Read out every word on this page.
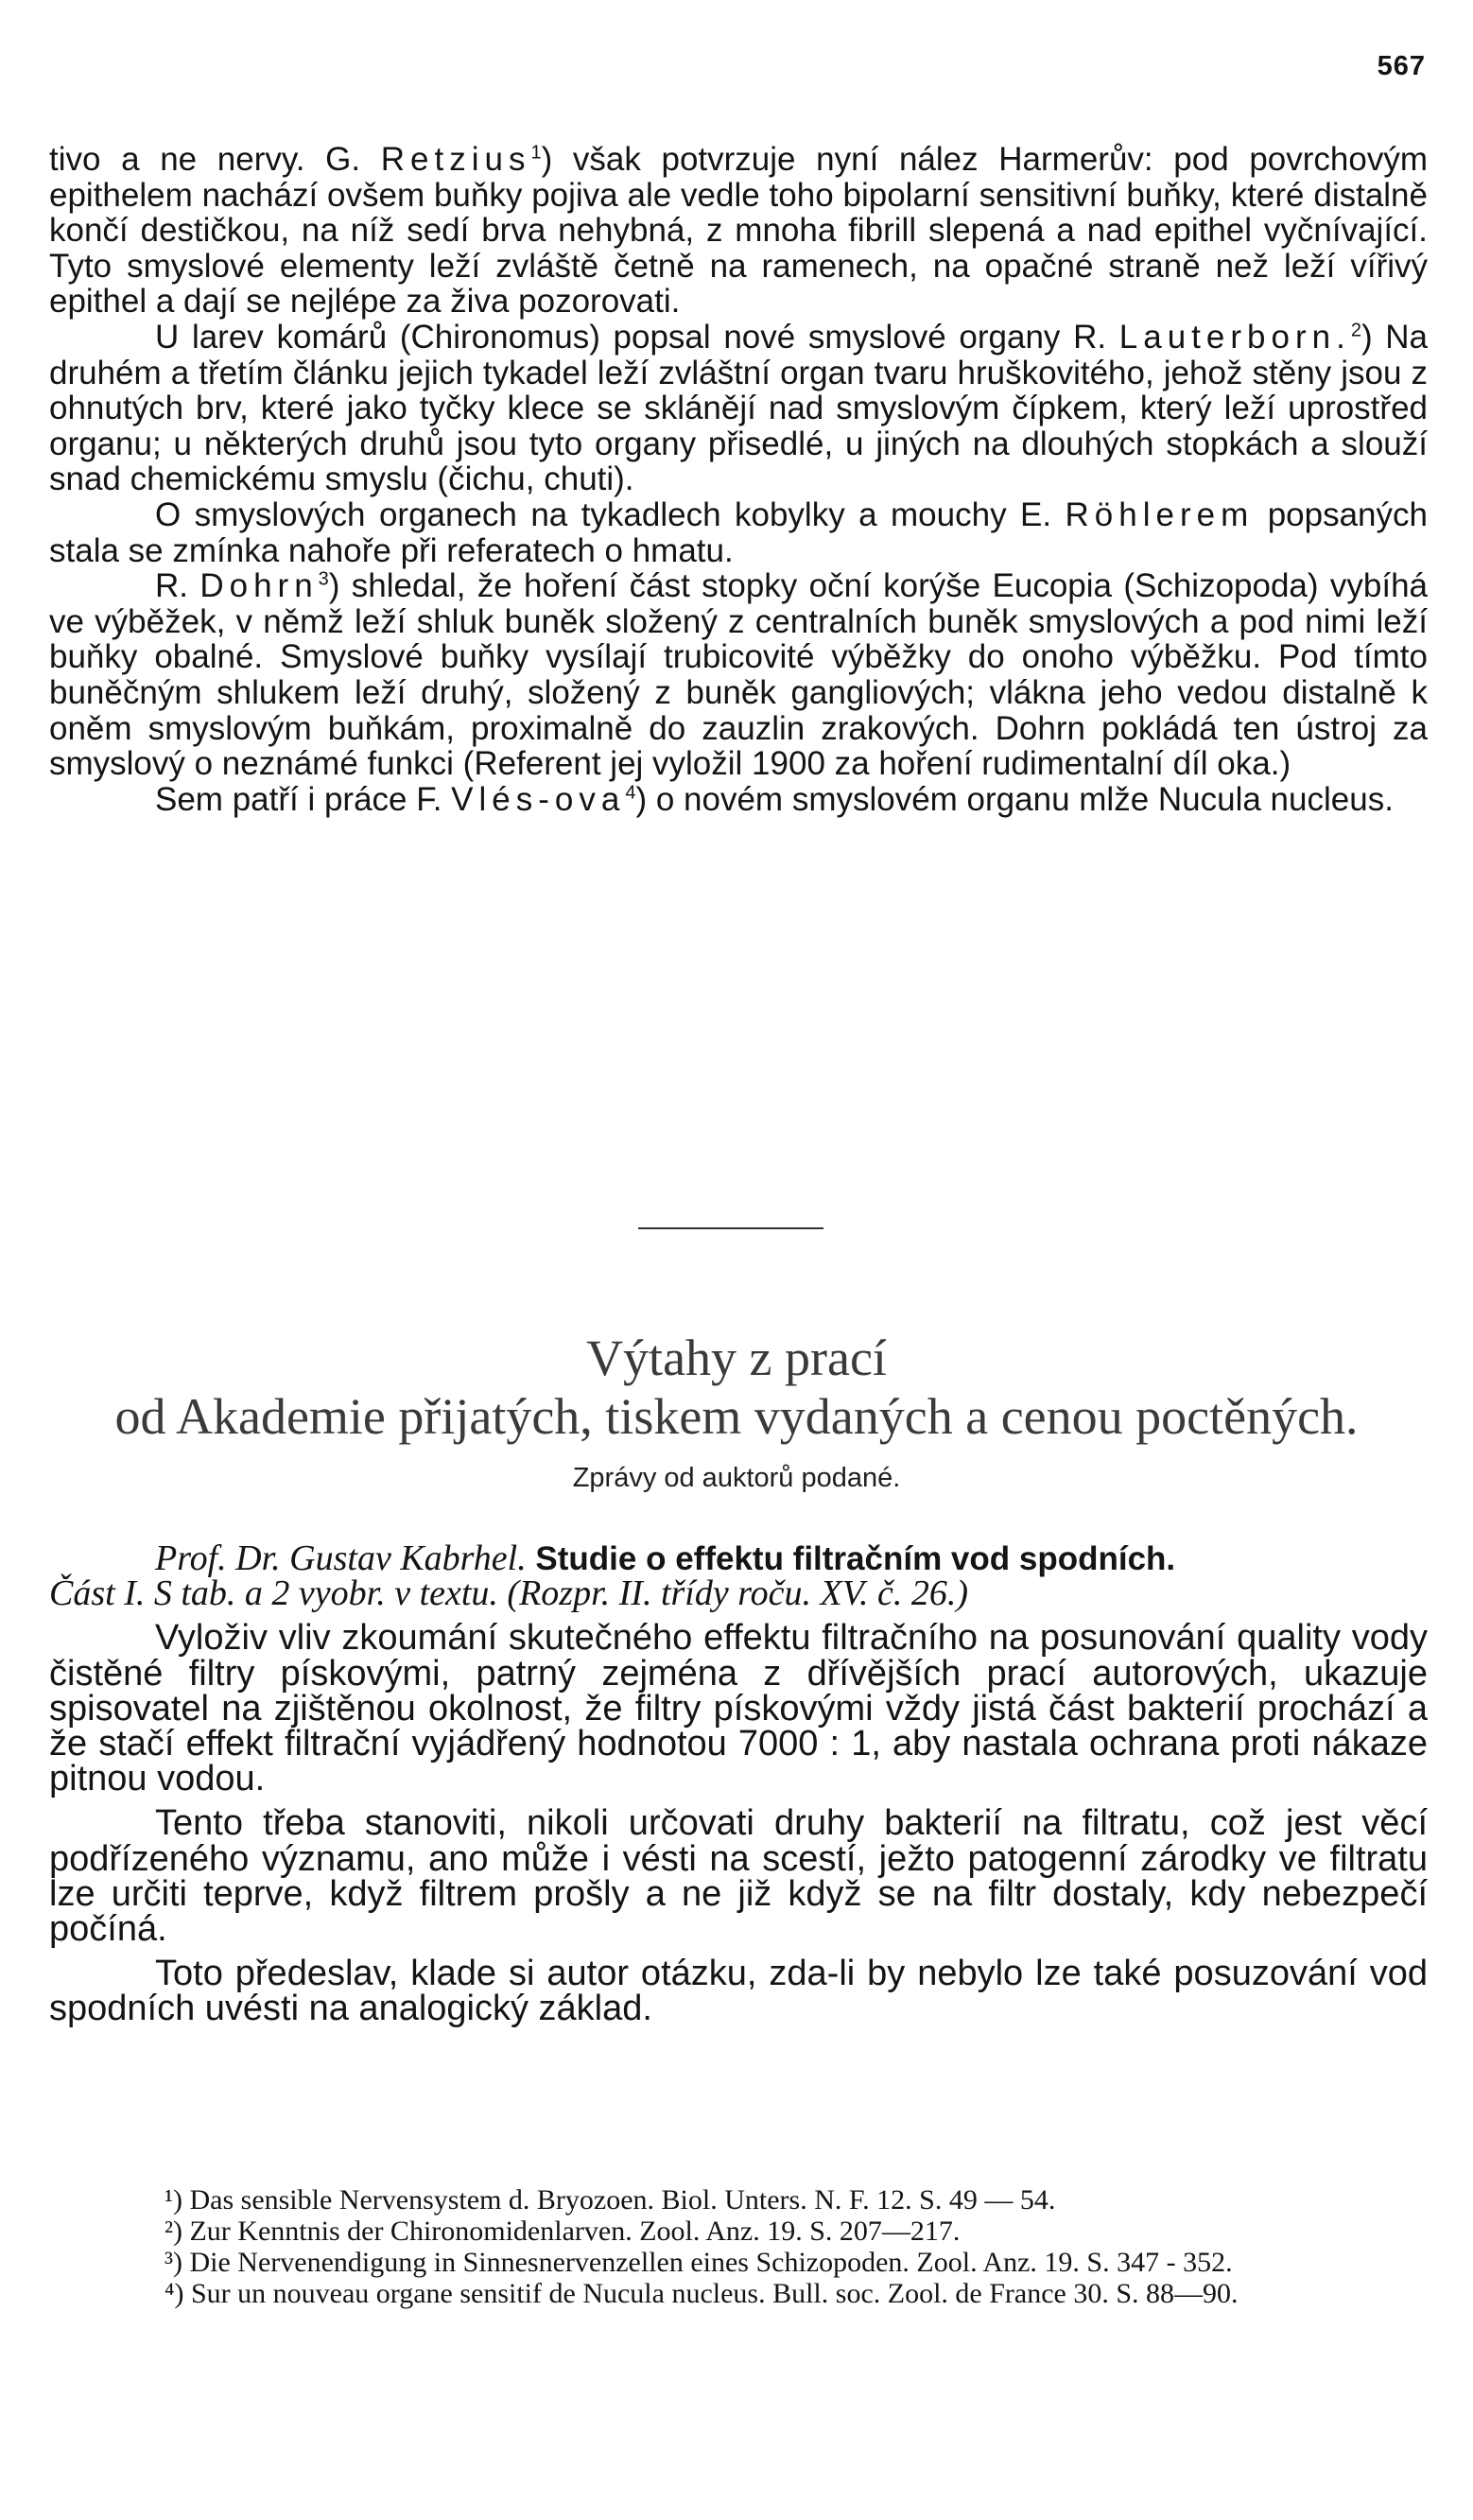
567

tivo a ne nervy. G. Retzius$^1$) však potvrzuje nyní nález Harmerův: pod povrchovým epithelem nachází ovšem buňky pojiva ale vedle toho bipolarní sensitivní buňky, které distalně končí destičkou, na níž sedí brva nehybná, z mnoha fibrill slepená a nad epithel vyčnívající. Tyto smyslové elementy leží zvláště četně na ramenech, na opačné straně než leží vířivý epithel a dají se nejlépe za živa pozorovati.

U larev komárů (Chironomus) popsal nové smyslové organy R. Lauterborn.$^2$) Na druhém a třetím článku jejich tykadel leží zvláštní organ tvaru hruškovitého, jehož stěny jsou z ohnutých brv, které jako tyčky klece se sklánějí nad smyslovým čípkem, který leží uprostřed organu; u některých druhů jsou tyto organy přisedlé, u jiných na dlouhých stopkách a slouží snad chemickému smyslu (čichu, chuti).

O smyslových organech na tykadlech kobylky a mouchy E. Röhlerem popsaných stala se zmínka nahoře při referatech o hmatu.

R. Dohrn$^3$) shledal, že hoření část stopky oční korýše Eucopia (Schizopoda) vybíhá ve výběžek, v němž leží shluk buněk složený z centralních buněk smyslových a pod nimi leží buňky obalné. Smyslové buňky vysílají trubicovité výběžky do onoho výběžku. Pod tímto buněčným shlukem leží druhý, složený z buněk gangliových; vlákna jeho vedou distalně k oněm smyslovým buňkám, proximalně do zauzlin zrakových. Dohrn pokládá ten ústroj za smyslový o neznámé funkci (Referent jej vyložil 1900 za hoření rudimentalní díl oka.)

Sem patří i práce F. Vlés-ova$^4$) o novém smyslovém organu mlže Nucula nucleus.

Výtahy z prací
od Akademie přijatých, tiskem vydaných a cenou poctěných.
Zprávy od auktorů podané.

Prof. Dr. Gustav Kabrhel. Studie o effektu filtračním vod spodních.

Část I. S tab. a 2 vyobr. v textu. (Rozpr. II. třídy roču. XV. č. 26.)

Vyloživ vliv zkoumání skutečného effektu filtračního na posunování quality vody čistěné filtry pískovými, patrný zejména z dřívějších prací autorových, ukazuje spisovatel na zjištěnou okolnost, že filtry pískovými vždy jistá část bakterií prochází a že stačí effekt filtrační vyjádřený hodnotou 7000 : 1, aby nastala ochrana proti nákaze pitnou vodou.

Tento třeba stanoviti, nikoli určovati druhy bakterií na filtratu, což jest věcí podřízeného významu, ano může i vésti na scestí, ježto patogenní zárodky ve filtratu lze určiti teprve, když filtrem prošly a ne již když se na filtr dostaly, kdy nebezpečí počíná.

Toto předeslav, klade si autor otázku, zda-li by nebylo lze také posuzování vod spodních uvésti na analogický základ.

¹) Das sensible Nervensystem d. Bryozoen. Biol. Unters. N. F. 12. S. 49 — 54.

²) Zur Kenntnis der Chironomidenlarven. Zool. Anz. 19. S. 207—217.

³) Die Nervenendigung in Sinnesnervenzellen eines Schizopoden. Zool. Anz. 19. S. 347 - 352.

⁴) Sur un nouveau organe sensitif de Nucula nucleus. Bull. soc. Zool. de France 30. S. 88—90.
